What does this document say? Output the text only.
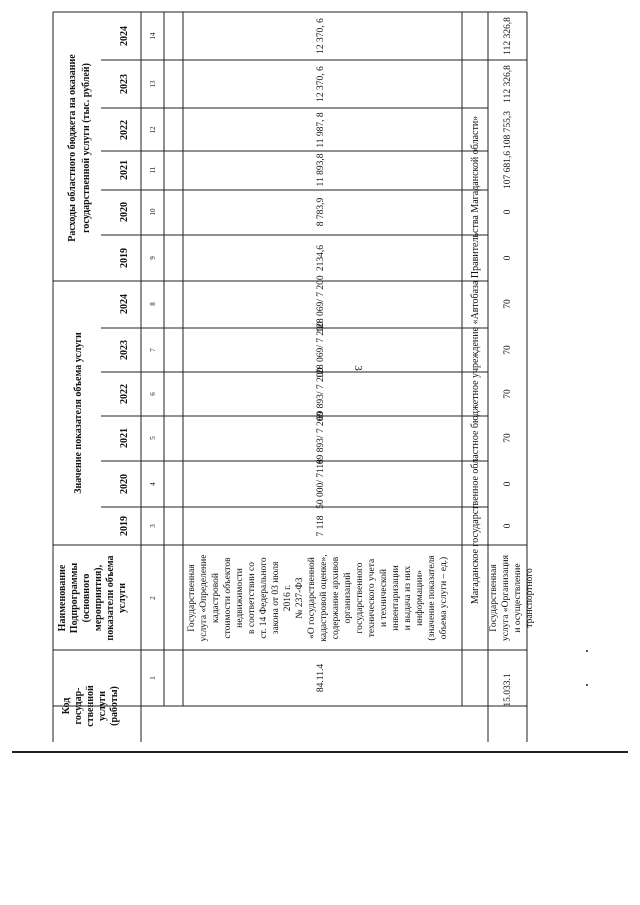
3
Код государ- ственной услуги (работы)
Наименование Подпрограммы (основного мероприятия), показатели объема услуги
Значение показателя объема услуги
Расходы областного бюджета на оказание государственной услуги (тыс. рублей)
2019
2020
2021
2022
2023
2024
2019
2020
2021
2022
2023
2024
1
2
3
4
5
6
7
8
9
10
11
12
13
14
84.11.4
Государственная услуга «Определение кадастровой стоимости объектов недвижимости в соответствии со ст. 14 Федерального закона от 03 июля 2016 г. № 237-ФЗ «О государственной кадастровой оценке», содержание архивов организаций государственного технического учета и технической инвентаризации и выдача из них информации» (значение показателя объема услуги – ед.)
7 118
50 000/ 7118
69 893/ 7 200
69 893/ 7 200
128 069/ 7 200
128 069/ 7 200
2134,6
8 783,9
11 893,8
11 987, 8
12 370, 6
12 370, 6
Магаданское государственное областное бюджетное учреждение «Автобаза Правительства Магаданской области»
15.033.1
Государственная услуга «Организация и осуществление транспортного
0
0
70
70
70
70
0
0
107 681,6
108 755,3
112 326,8
112 326,8
